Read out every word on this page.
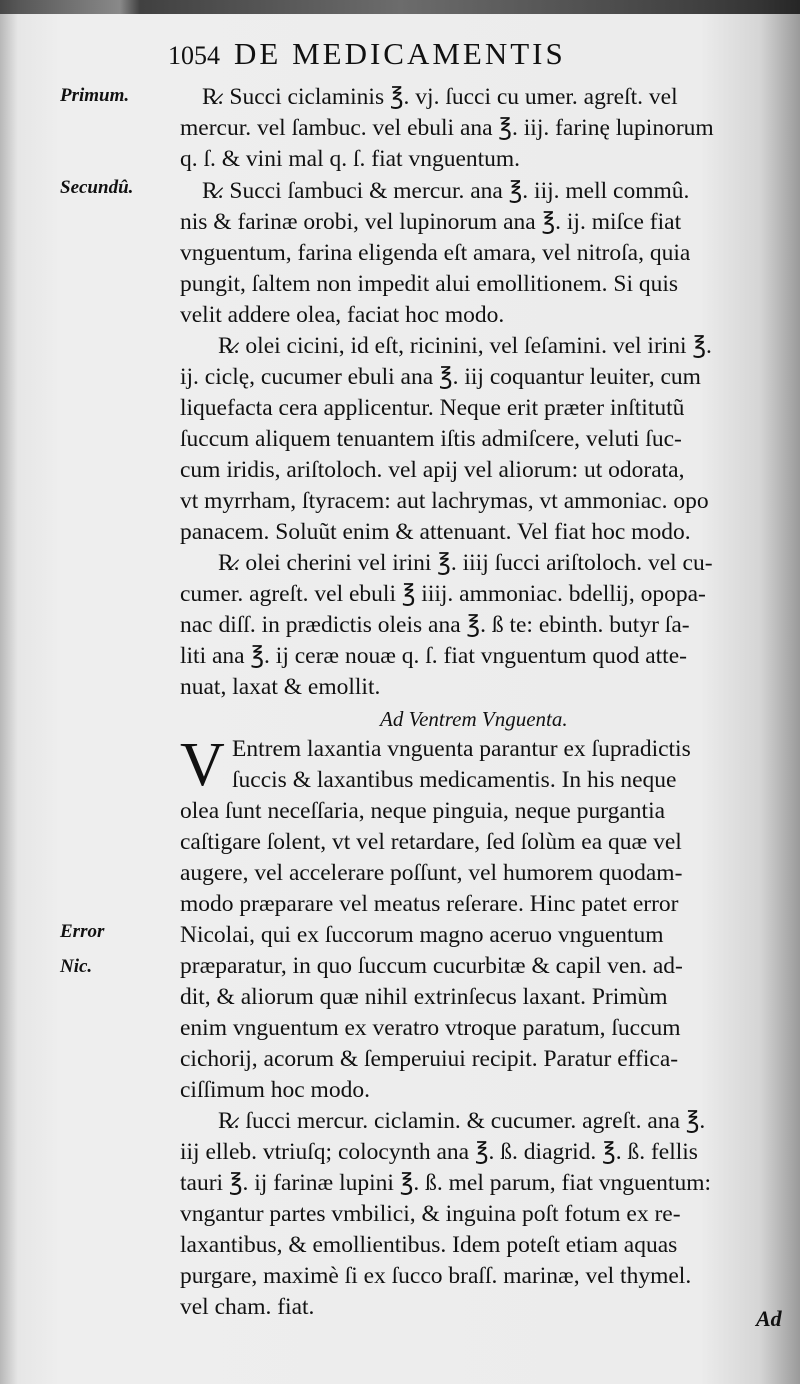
1054 DE MEDICAMENTIS
Primum.
Secundû.
Error
Nic.
R̷. Succi ciclaminis ℥. vj. ſucci cu umer. agreſt. vel
mercur. vel ſambuc. vel ebuli ana ℥. iij. farinę lupinorum
q. ſ. & vini mal q. ſ. fiat vnguentum.
R̷. Succi ſambuci & mercur. ana ℥. iij. mell commû.
nis & farinæ orobi, vel lupinorum ana ℥. ij. miſce fiat
vnguentum, farina eligenda eſt amara, vel nitroſa, quia
pungit, ſaltem non impedit alui emollitionem. Si quis
velit addere olea, faciat hoc modo.
R̷. olei cicini, id eſt, ricinini, vel ſeſamini. vel irini ℥.
ij. ciclę, cucumer ebuli ana ℥. iij coquantur leuiter, cum
liquefacta cera applicentur. Neque erit præter inſtitutũ
ſuccum aliquem tenuantem iſtis admiſcere, veluti ſuc-
cum iridis, ariſtoloch. vel apij vel aliorum: ut odorata,
vt myrrham, ſtyracem: aut lachrymas, vt ammoniac. opo
panacem. Soluũt enim & attenuant. Vel fiat hoc modo.
R̷. olei cherini vel irini ℥. iiij ſucci ariſtoloch. vel cu-
cumer. agreſt. vel ebuli ℥ iiij. ammoniac. bdellij, opopa-
nac diſſ. in prædictis oleis ana ℥. ß te: ebinth. butyr ſa-
liti ana ℥. ij ceræ nouæ q. ſ. fiat vnguentum quod atte-
nuat, laxat & emollit.
Ad Ventrem Vnguenta.
V Entrem laxantia vnguenta parantur ex ſupradictis
ſuccis & laxantibus medicamentis. In his neque
olea ſunt neceſſaria, neque pinguia, neque purgantia
caſtigare ſolent, vt vel retardare, ſed ſolùm ea quæ vel
augere, vel accelerare poſſunt, vel humorem quodam-
modo præparare vel meatus reſerare. Hinc patet error
Nicolai, qui ex ſuccorum magno aceruo vnguentum
præparatur, in quo ſuccum cucurbitæ & capil ven. ad-
dit, & aliorum quæ nihil extrinſecus laxant. Primùm
enim vnguentum ex veratro vtroque paratum, ſuccum
cichorij, acorum & ſemperuiui recipit. Paratur effica-
ciſſimum hoc modo.
R̷. ſucci mercur. ciclamin. & cucumer. agreſt. ana ℥.
iij elleb. vtriuſq; colocynth ana ℥. ß. diagrid. ℥. ß. fellis
tauri ℥. ij farinæ lupini ℥. ß. mel parum, fiat vnguentum:
vngantur partes vmbilici, & inguina poſt fotum ex re-
laxantibus, & emollientibus. Idem poteſt etiam aquas
purgare, maximè ſi ex ſucco braſſ. marinæ, vel thymel.
vel cham. fiat.	Ad
